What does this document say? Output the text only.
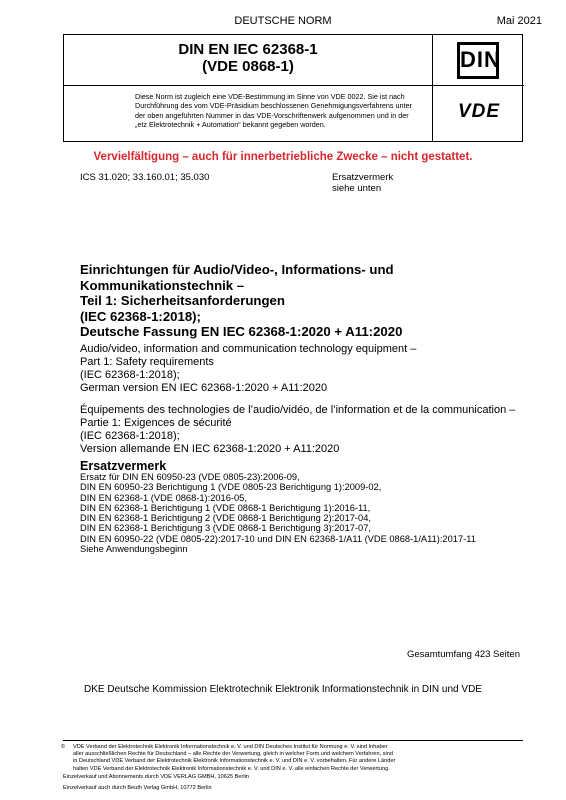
DEUTSCHE NORM	Mai 2021
DIN EN IEC 62368-1
(VDE 0868-1)
Diese Norm ist zugleich eine VDE-Bestimmung im Sinne von VDE 0022. Sie ist nach
Durchführung des vom VDE-Präsidium beschlossenen Genehmigungsverfahrens unter
der oben angeführten Nummer in das VDE-Vorschriftenwerk aufgenommen und in der
„etz Elektrotechnik + Automation“ bekannt gegeben worden.
DIN
VDE
Vervielfältigung – auch für innerbetriebliche Zwecke – nicht gestattet.
ICS 31.020; 33.160.01; 35.030	Ersatzvermerk
siehe unten
Einrichtungen für Audio/Video-, Informations- und
Kommunikationstechnik –
Teil 1: Sicherheitsanforderungen
(IEC 62368-1:2018);
Deutsche Fassung EN IEC 62368-1:2020 + A11:2020
Audio/video, information and communication technology equipment –
Part 1: Safety requirements
(IEC 62368-1:2018);
German version EN IEC 62368-1:2020 + A11:2020
Équipements des technologies de l’audio/vidéo, de l’information et de la communication –
Partie 1: Exigences de sécurité
(IEC 62368-1:2018);
Version allemande EN IEC 62368-1:2020 + A11:2020
Ersatzvermerk
Ersatz für DIN EN 60950-23 (VDE 0805-23):2006-09,
DIN EN 60950-23 Berichtigung 1 (VDE 0805-23 Berichtigung 1):2009-02,
DIN EN 62368-1 (VDE 0868-1):2016-05,
DIN EN 62368-1 Berichtigung 1 (VDE 0868-1 Berichtigung 1):2016-11,
DIN EN 62368-1 Berichtigung 2 (VDE 0868-1 Berichtigung 2):2017-04,
DIN EN 62368-1 Berichtigung 3 (VDE 0868-1 Berichtigung 3):2017-07,
DIN EN 60950-22 (VDE 0805-22):2017-10 und DIN EN 62368-1/A11 (VDE 0868-1/A11):2017-11
Siehe Anwendungsbeginn
Gesamtumfang 423 Seiten
DKE Deutsche Kommission Elektrotechnik Elektronik Informationstechnik in DIN und VDE
© VDE Verband der Elektrotechnik Elektronik Informationstechnik e. V. und DIN Deutsches Institut für Normung e. V. sind Inhaber
aller ausschließlichen Rechte für Deutschland – alle Rechte der Verwertung, gleich in welcher Form und welchem Verfahren, sind
in Deutschland VDE Verband der Elektrotechnik Elektronik Informationstechnik e. V. und DIN e. V. vorbehalten. Für andere Länder
halten VDE Verband der Elektrotechnik Elektronik Informationstechnik e. V. und DIN e. V. alle einfachen Rechte der Verwertung.
Einzelverkauf und Abonnements durch VDE VERLAG GMBH, 10625 Berlin
Einzelverkauf auch durch Beuth Verlag GmbH, 10772 Berlin
